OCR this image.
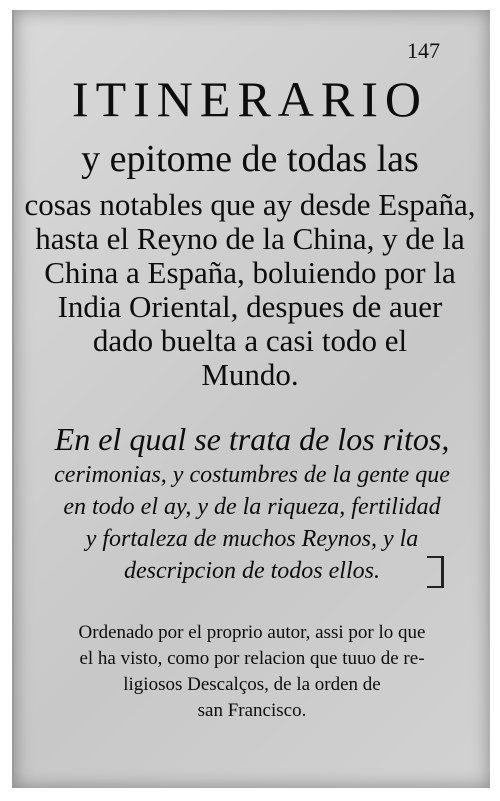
147
ITINERARIO
y epitome de todas las
cosas notables que ay desde España,
hasta el Reyno de la China, y de la
China a España, boluiendo por la
India Oriental, despues de auer
dado buelta a casi todo el
Mundo.
En el qual se trata de los ritos,
cerimonias, y costumbres de la gente que
en todo el ay, y de la riqueza, fertilidad
y fortaleza de muchos Reynos, y la
descripcion de todos ellos.
Ordenado por el proprio autor, assi por lo que
el ha visto, como por relacion que tuuo de re-
ligiosos Descalços, de la orden de
san Francisco.
